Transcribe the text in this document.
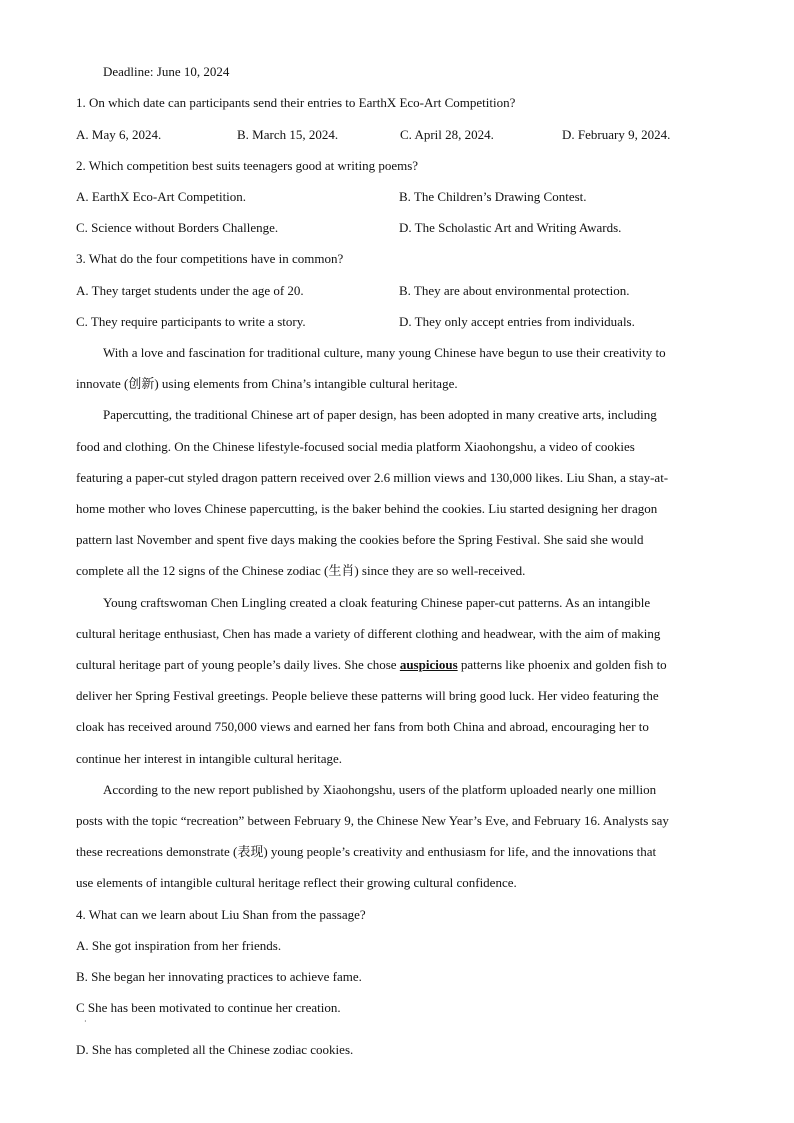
Deadline: June 10, 2024
1. On which date can participants send their entries to EarthX Eco-Art Competition?
A. May 6, 2024.	B. March 15, 2024.	C. April 28, 2024.	D. February 9, 2024.
2. Which competition best suits teenagers good at writing poems?
A. EarthX Eco-Art Competition.	B. The Children’s Drawing Contest.
C. Science without Borders Challenge.	D. The Scholastic Art and Writing Awards.
3. What do the four competitions have in common?
A. They target students under the age of 20.	B. They are about environmental protection.
C. They require participants to write a story.	D. They only accept entries from individuals.
With a love and fascination for traditional culture, many young Chinese have begun to use their creativity to
innovate (创新) using elements from China’s intangible cultural heritage.
Papercutting, the traditional Chinese art of paper design, has been adopted in many creative arts, including
food and clothing. On the Chinese lifestyle-focused social media platform Xiaohongshu, a video of cookies
featuring a paper-cut styled dragon pattern received over 2.6 million views and 130,000 likes. Liu Shan, a stay-at-
home mother who loves Chinese papercutting, is the baker behind the cookies. Liu started designing her dragon
pattern last November and spent five days making the cookies before the Spring Festival. She said she would
complete all the 12 signs of the Chinese zodiac (生肖) since they are so well-received.
Young craftswoman Chen Lingling created a cloak featuring Chinese paper-cut patterns. As an intangible
cultural heritage enthusiast, Chen has made a variety of different clothing and headwear, with the aim of making
cultural heritage part of young people’s daily lives. She chose auspicious patterns like phoenix and golden fish to
deliver her Spring Festival greetings. People believe these patterns will bring good luck. Her video featuring the
cloak has received around 750,000 views and earned her fans from both China and abroad, encouraging her to
continue her interest in intangible cultural heritage.
According to the new report published by Xiaohongshu, users of the platform uploaded nearly one million
posts with the topic “recreation” between February 9, the Chinese New Year’s Eve, and February 16. Analysts say
these recreations demonstrate (表现) young people’s creativity and enthusiasm for life, and the innovations that
use elements of intangible cultural heritage reflect their growing cultural confidence.
4. What can we learn about Liu Shan from the passage?
A. She got inspiration from her friends.
B. She began her innovating practices to achieve fame.
C She has been motivated to continue her creation.
·
D. She has completed all the Chinese zodiac cookies.
